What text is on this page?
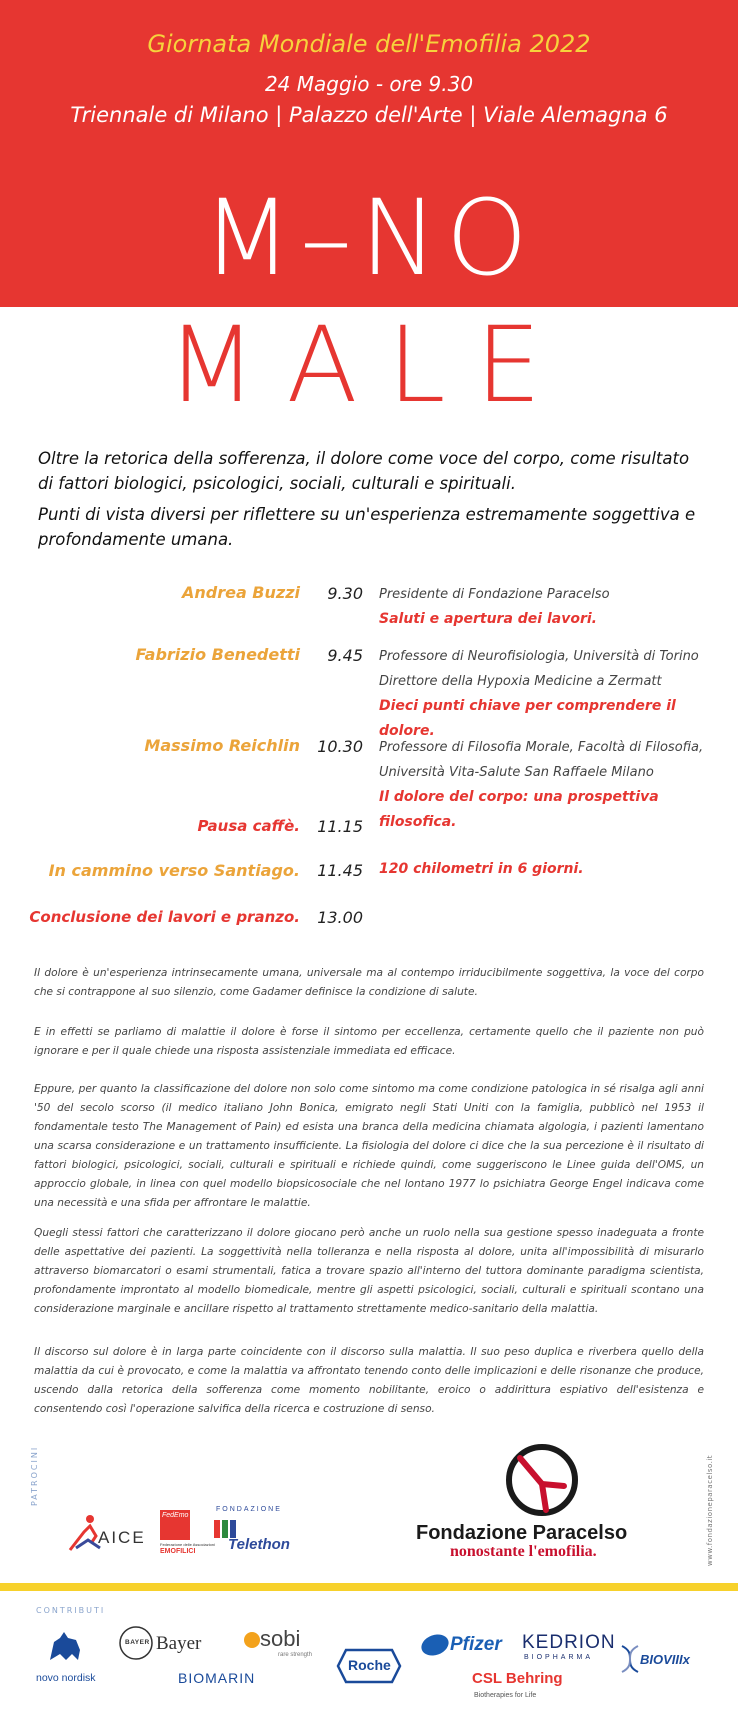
Giornata Mondiale dell'Emofilia 2022
24 Maggio - ore 9.30
Triennale di Milano | Palazzo dell'Arte | Viale Alemagna 6
M–NO
MALE
Oltre la retorica della sofferenza, il dolore come voce del corpo, come risultato di fattori biologici, psicologici, sociali, culturali e spirituali.
Punti di vista diversi per riflettere su un'esperienza estremamente soggettiva e profondamente umana.
Andrea Buzzi 9.30 Presidente di Fondazione Paracelso
Saluti e apertura dei lavori.
Fabrizio Benedetti 9.45 Professore di Neurofisiologia, Università di Torino
Direttore della Hypoxia Medicine a Zermatt
Dieci punti chiave per comprendere il dolore.
Massimo Reichlin 10.30 Professore di Filosofia Morale, Facoltà di Filosofia,
Università Vita-Salute San Raffaele Milano
Il dolore del corpo: una prospettiva filosofica.
Pausa caffè. 11.15
In cammino verso Santiago. 11.45 120 chilometri in 6 giorni.
Conclusione dei lavori e pranzo. 13.00
Il dolore è un'esperienza intrinsecamente umana, universale ma al contempo irriducibilmente soggettiva, la voce del corpo che si contrappone al suo silenzio, come Gadamer definisce la condizione di salute.
E in effetti se parliamo di malattie il dolore è forse il sintomo per eccellenza, certamente quello che il paziente non può ignorare e per il quale chiede una risposta assistenziale immediata ed efficace.
Eppure, per quanto la classificazione del dolore non solo come sintomo ma come condizione patologica in sé risalga agli anni '50 del secolo scorso (il medico italiano John Bonica, emigrato negli Stati Uniti con la famiglia, pubblicò nel 1953 il fondamentale testo The Management of Pain) ed esista una branca della medicina chiamata algologia, i pazienti lamentano una scarsa considerazione e un trattamento insufficiente. La fisiologia del dolore ci dice che la sua percezione è il risultato di fattori biologici, psicologici, sociali, culturali e spirituali e richiede quindi, come suggeriscono le Linee guida dell'OMS, un approccio globale, in linea con quel modello biopsicosociale che nel lontano 1977 lo psichiatra George Engel indicava come una necessità e una sfida per affrontare le malattie.
Quegli stessi fattori che caratterizzano il dolore giocano però anche un ruolo nella sua gestione spesso inadeguata a fronte delle aspettative dei pazienti. La soggettività nella tolleranza e nella risposta al dolore, unita all'impossibilità di misurarlo attraverso biomarcatori o esami strumentali, fatica a trovare spazio all'interno del tuttora dominante paradigma scientista, profondamente improntato al modello biomedicale, mentre gli aspetti psicologici, sociali, culturali e spirituali scontano una considerazione marginale e ancillare rispetto al trattamento strettamente medico-sanitario della malattia.
Il discorso sul dolore è in larga parte coincidente con il discorso sulla malattia. Il suo peso duplica e riverbera quello della malattia da cui è provocato, e come la malattia va affrontato tenendo conto delle implicazioni e delle risonanze che produce, uscendo dalla retorica della sofferenza come momento nobilitante, eroico o addirittura espiativo dell'esistenza e consentendo così l'operazione salvifica della ricerca e costruzione di senso.
PATROCINI
AICE
FedEmo
Federazione delle Associazioni
EMOFILICI
FONDAZIONE
Telethon
Fondazione Paracelso
nonostante l'emofilia.	www.fondazioneparacelso.it
CONTRIBUTI
novo nordisk
BAYER Bayer	sobi
rare strength
BIOMARIN
Roche
Pfizer KEDRION
BIOPHARMA
CSL Behring
Biotherapies for Life
BIOVIIIx
